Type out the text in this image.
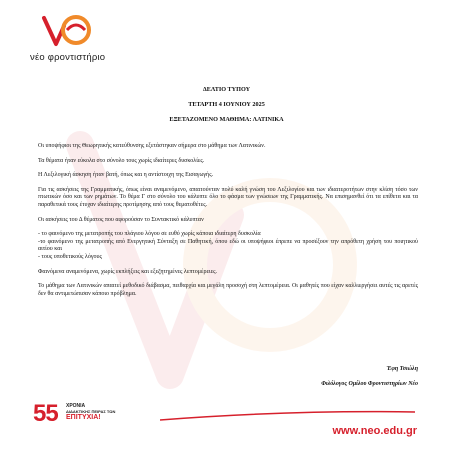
νέο φροντιστήριο
ΔΕΛΤΙΟ ΤΥΠΟΥ
ΤΕΤΑΡΤΗ 4 ΙΟΥΝΙΟΥ 2025
ΕΞΕΤΑΖΟΜΕΝΟ ΜΑΘΗΜΑ: ΛΑΤΙΝΙΚΑ

Οι υποψήφιοι της Θεωρητικής κατεύθυνσης εξετάστηκαν σήμερα στο μάθημα των Λατινικών.

Τα θέματα ήταν εύκολα στο σύνολο τους χωρίς ιδιαίτερες δυσκολίες.

Η Λεξιλογική άσκηση ήταν βατή, όπως και η αντίστοιχη της Εισαγωγής.

Για τις ασκήσεις της Γραμματικής, όπως είναι αναμενόμενο, απαιτούνταν πολύ καλή γνώση του Λεξιλογίου και των ιδιαιτεροτήτων στην κλίση τόσο των πτωτικών όσο και των ρημάτων. Το θέμα Γ στο σύνολο του κάλυπτε όλο το φάσμα των γνώσεων της Γραμματικής. Να επισημανθεί ότι τα επίθετα και τα παραθετικά τους έτυχαν ιδιαίτερης προτίμησης από τους θεματοθέτες.

Οι ασκήσεις του Δ θέματος που αφορούσαν το Συντακτικό κάλυπταν

- το φαινόμενο της μετατροπής του πλάγιου λόγου σε ευθύ χωρίς κάποια ιδιαίτερη δυσκολία

-το φαινόμενο της μετατροπής από Ενεργητική Σύνταξη σε Παθητική, όπου εδώ οι υποψήφιοι έπρεπε να προσέξουν την απρόθετη χρήση του ποιητικού αιτίου και

- τους υποθετικούς λόγους

Φαινόμενα αναμενόμενα, χωρίς εκπλήξεις και εξεζητημένες λεπτομέρειες.

Το μάθημα των Λατινικών απαιτεί μεθοδικό διάβασμα, πειθαρχία και μεγάλη προσοχή στη λεπτομέρεια. Οι μαθητές που είχαν καλλιεργήσει αυτές τις αρετές δεν θα αντιμετώπισαν κάποιο πρόβλημα.

Έφη Τσιώλη
Φιλόλογος Ομίλου Φροντιστηρίων Νέο
55 ΧΡΟΝΙΑ
ΔΙΔΑΚΤΙΚΗΣ ΠΕΙΡΑΣ ΤΩΝ
ΕΠΙΤΥΧΙΑ!
www.neo.edu.gr
